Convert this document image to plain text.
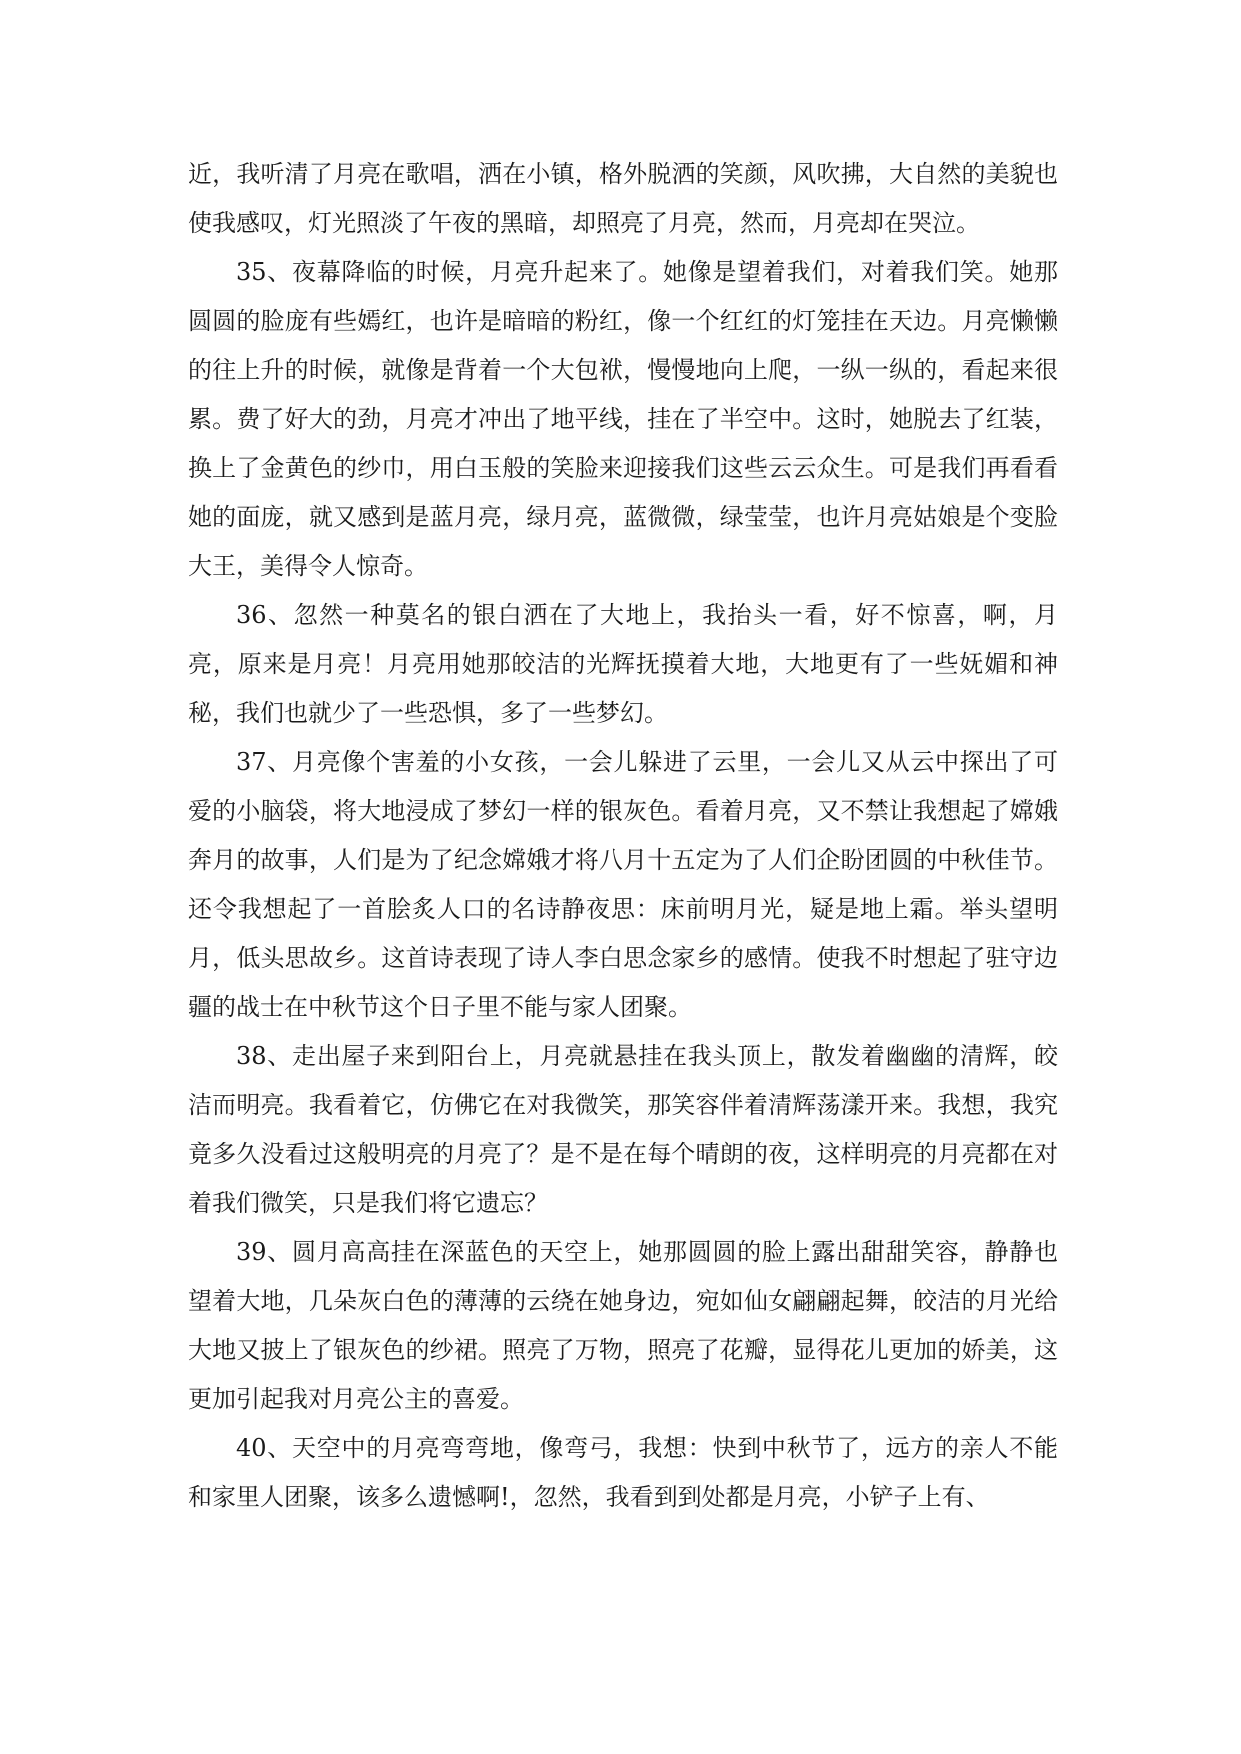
近，我听清了月亮在歌唱，洒在小镇，格外脱洒的笑颜，风吹拂，大自然的美貌也使我感叹，灯光照淡了午夜的黑暗，却照亮了月亮，然而，月亮却在哭泣。

35、夜幕降临的时候，月亮升起来了。她像是望着我们，对着我们笑。她那圆圆的脸庞有些嫣红，也许是暗暗的粉红，像一个红红的灯笼挂在天边。月亮懒懒的往上升的时候，就像是背着一个大包袱，慢慢地向上爬，一纵一纵的，看起来很累。费了好大的劲，月亮才冲出了地平线，挂在了半空中。这时，她脱去了红装，换上了金黄色的纱巾，用白玉般的笑脸来迎接我们这些云云众生。可是我们再看看她的面庞，就又感到是蓝月亮，绿月亮，蓝微微，绿莹莹，也许月亮姑娘是个变脸大王，美得令人惊奇。

36、忽然一种莫名的银白洒在了大地上，我抬头一看，好不惊喜，啊，月亮，原来是月亮！月亮用她那皎洁的光辉抚摸着大地，大地更有了一些妩媚和神秘，我们也就少了一些恐惧，多了一些梦幻。

37、月亮像个害羞的小女孩，一会儿躲进了云里，一会儿又从云中探出了可爱的小脑袋，将大地浸成了梦幻一样的银灰色。看着月亮，又不禁让我想起了嫦娥奔月的故事，人们是为了纪念嫦娥才将八月十五定为了人们企盼团圆的中秋佳节。还令我想起了一首脍炙人口的名诗静夜思：床前明月光，疑是地上霜。举头望明月，低头思故乡。这首诗表现了诗人李白思念家乡的感情。使我不时想起了驻守边疆的战士在中秋节这个日子里不能与家人团聚。

38、走出屋子来到阳台上，月亮就悬挂在我头顶上，散发着幽幽的清辉，皎洁而明亮。我看着它，仿佛它在对我微笑，那笑容伴着清辉荡漾开来。我想，我究竟多久没看过这般明亮的月亮了？是不是在每个晴朗的夜，这样明亮的月亮都在对着我们微笑，只是我们将它遗忘？

39、圆月高高挂在深蓝色的天空上，她那圆圆的脸上露出甜甜笑容，静静也望着大地，几朵灰白色的薄薄的云绕在她身边，宛如仙女翩翩起舞，皎洁的月光给大地又披上了银灰色的纱裙。照亮了万物，照亮了花瓣，显得花儿更加的娇美，这更加引起我对月亮公主的喜爱。

40、天空中的月亮弯弯地，像弯弓，我想：快到中秋节了，远方的亲人不能和家里人团聚，该多么遗憾啊!，忽然，我看到到处都是月亮，小铲子上有、
